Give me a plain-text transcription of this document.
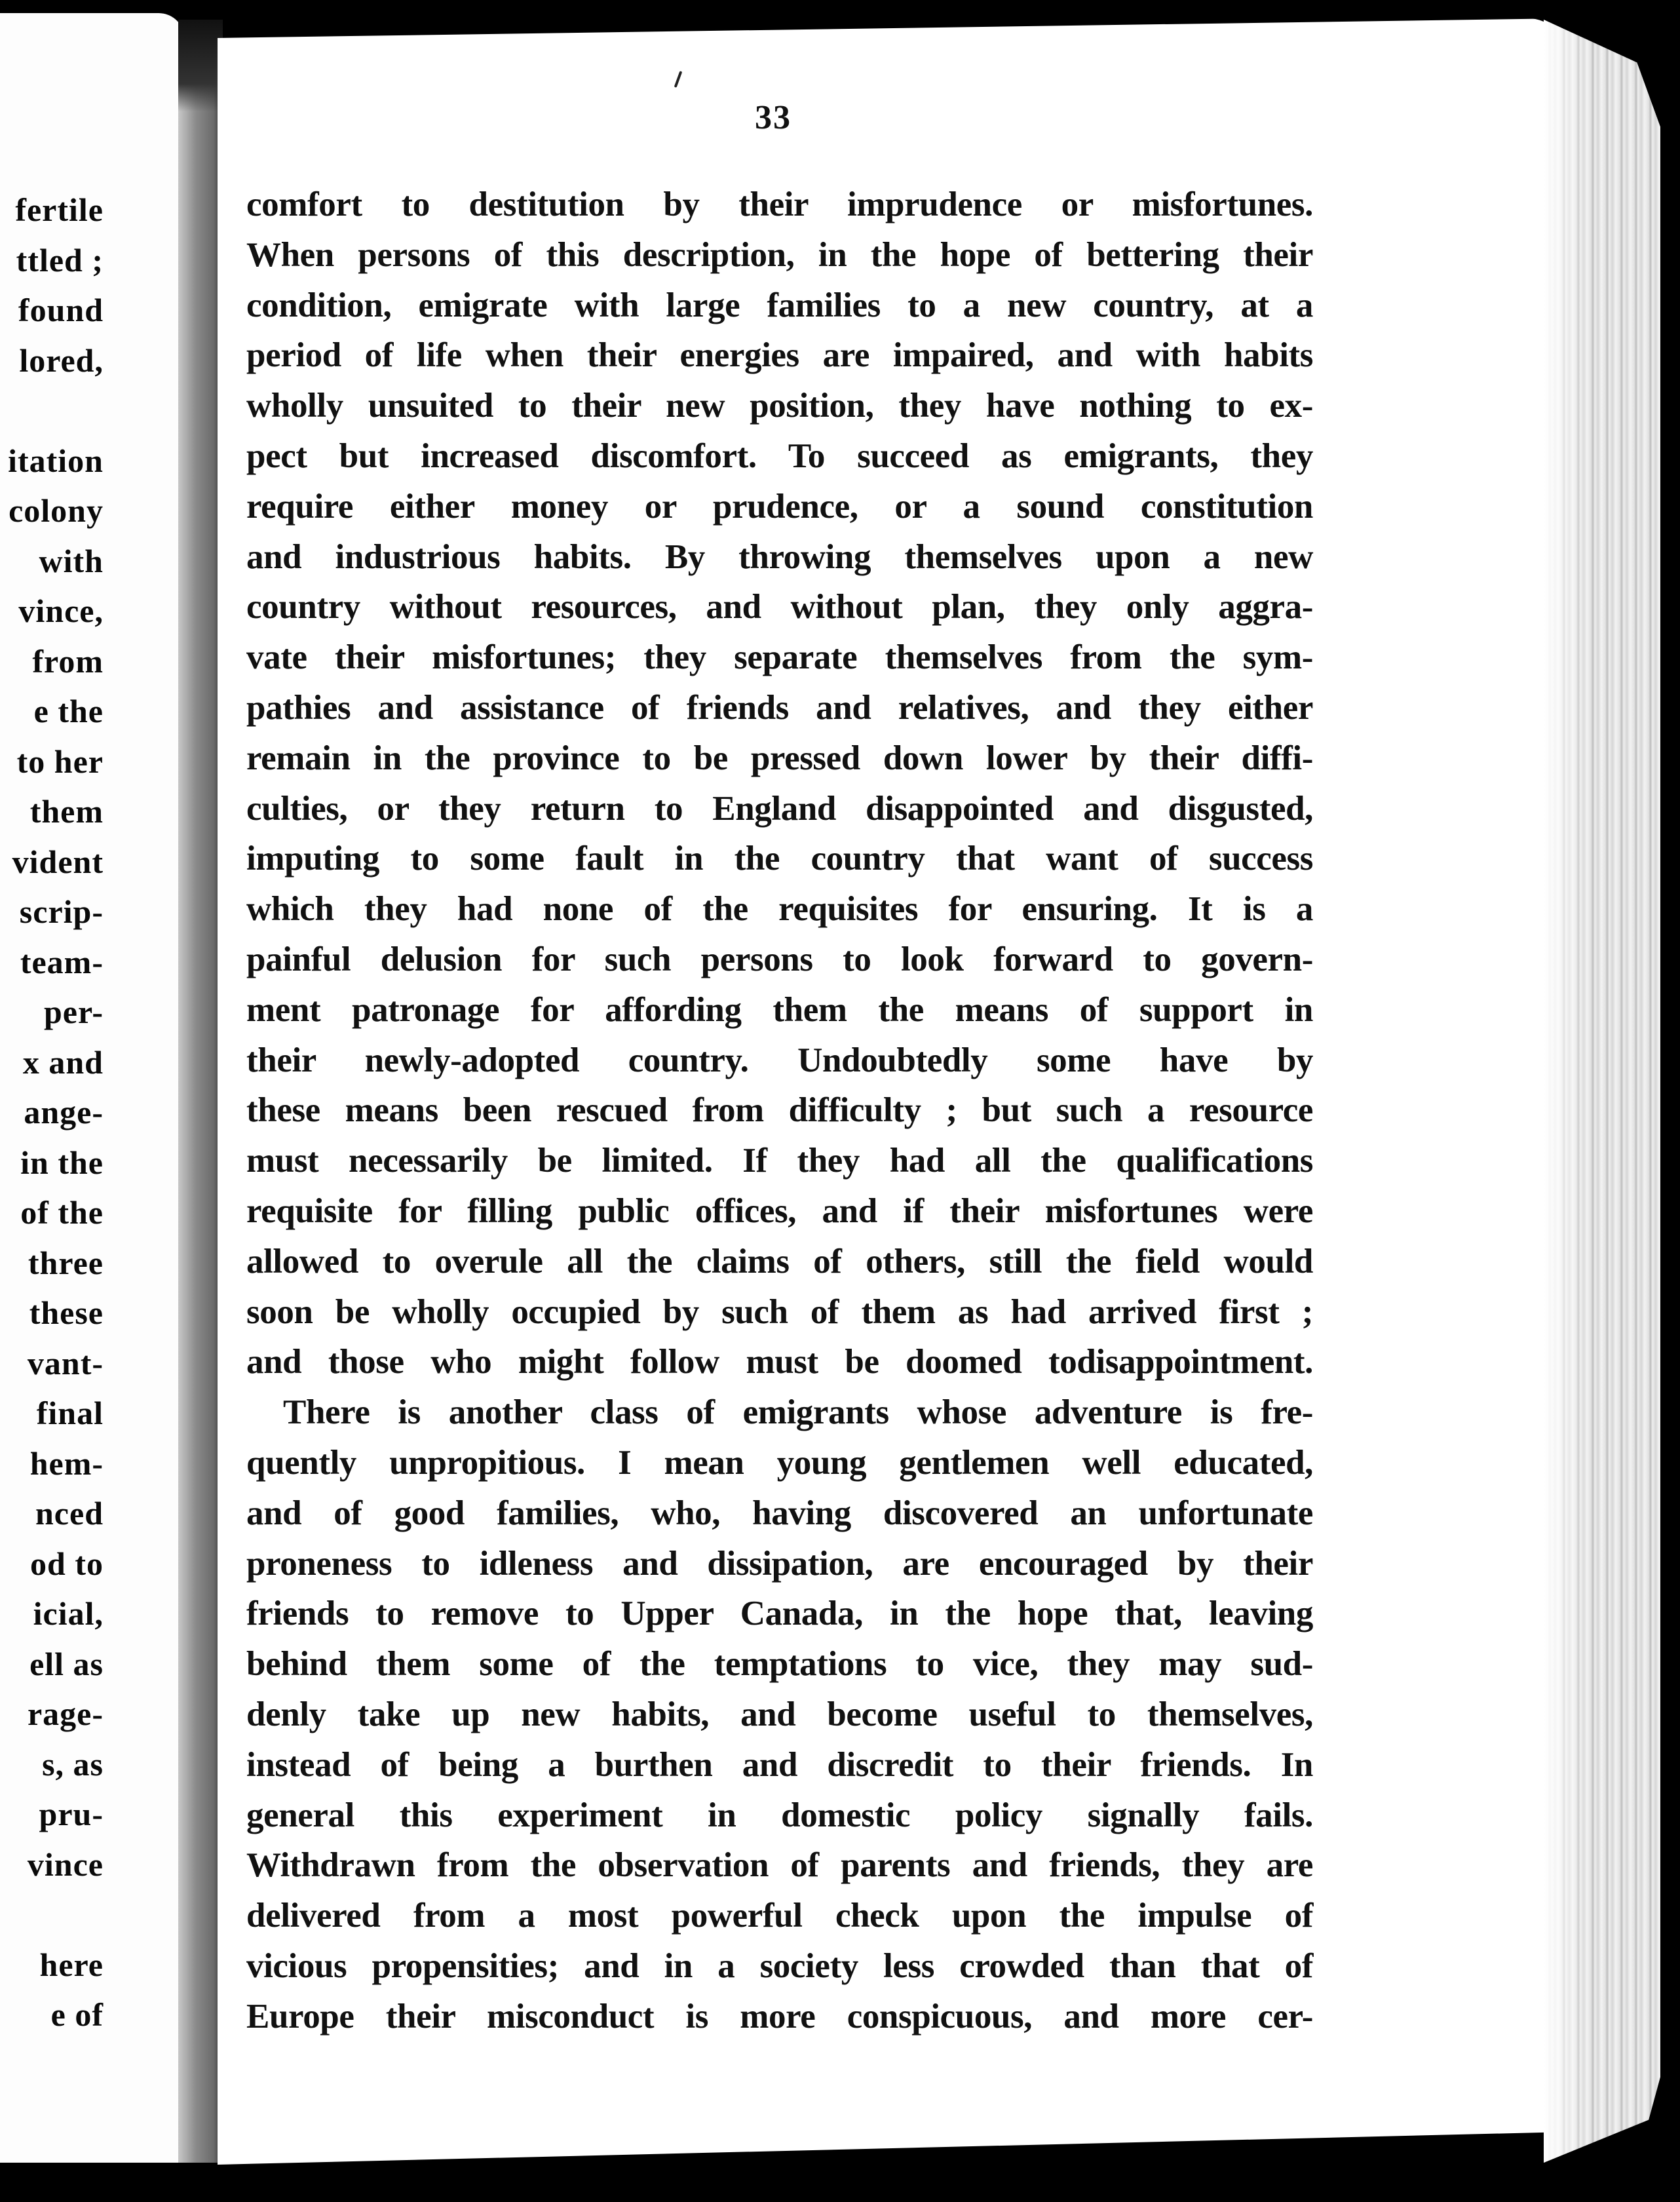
fertile
ttled ;
found
lored,

itation
colony
with
vince,
from
e the
to her
them
vident
scrip-
team-
per-
x and
ange-
in the
of the
three
these
vant-
final
hem-
nced
od to
icial,
ell as
rage-
s, as
pru-
vince

here
e of
33
comfort to destitution by their imprudence or misfortunes.
When persons of this description, in the hope of bettering their
condition, emigrate with large families to a new country, at a
period of life when their energies are impaired, and with habits
wholly unsuited to their new position, they have nothing to ex-
pect but increased discomfort. To succeed as emigrants, they
require either money or prudence, or a sound constitution
and industrious habits. By throwing themselves upon a new
country without resources, and without plan, they only aggra-
vate their misfortunes; they separate themselves from the sym-
pathies and assistance of friends and relatives, and they either
remain in the province to be pressed down lower by their diffi-
culties, or they return to England disappointed and disgusted,
imputing to some fault in the country that want of success
which they had none of the requisites for ensuring. It is a
painful delusion for such persons to look forward to govern-
ment patronage for affording them the means of support in
their newly-adopted country. Undoubtedly some have by
these means been rescued from difficulty ; but such a resource
must necessarily be limited. If they had all the qualifications
requisite for filling public offices, and if their misfortunes were
allowed to overule all the claims of others, still the field would
soon be wholly occupied by such of them as had arrived first ;
and those who might follow must be doomed todisappointment.
There is another class of emigrants whose adventure is fre-
quently unpropitious. I mean young gentlemen well educated,
and of good families, who, having discovered an unfortunate
proneness to idleness and dissipation, are encouraged by their
friends to remove to Upper Canada, in the hope that, leaving
behind them some of the temptations to vice, they may sud-
denly take up new habits, and become useful to themselves,
instead of being a burthen and discredit to their friends. In
general this experiment in domestic policy signally fails.
Withdrawn from the observation of parents and friends, they are
delivered from a most powerful check upon the impulse of
vicious propensities; and in a society less crowded than that of
Europe their misconduct is more conspicuous, and more cer-
